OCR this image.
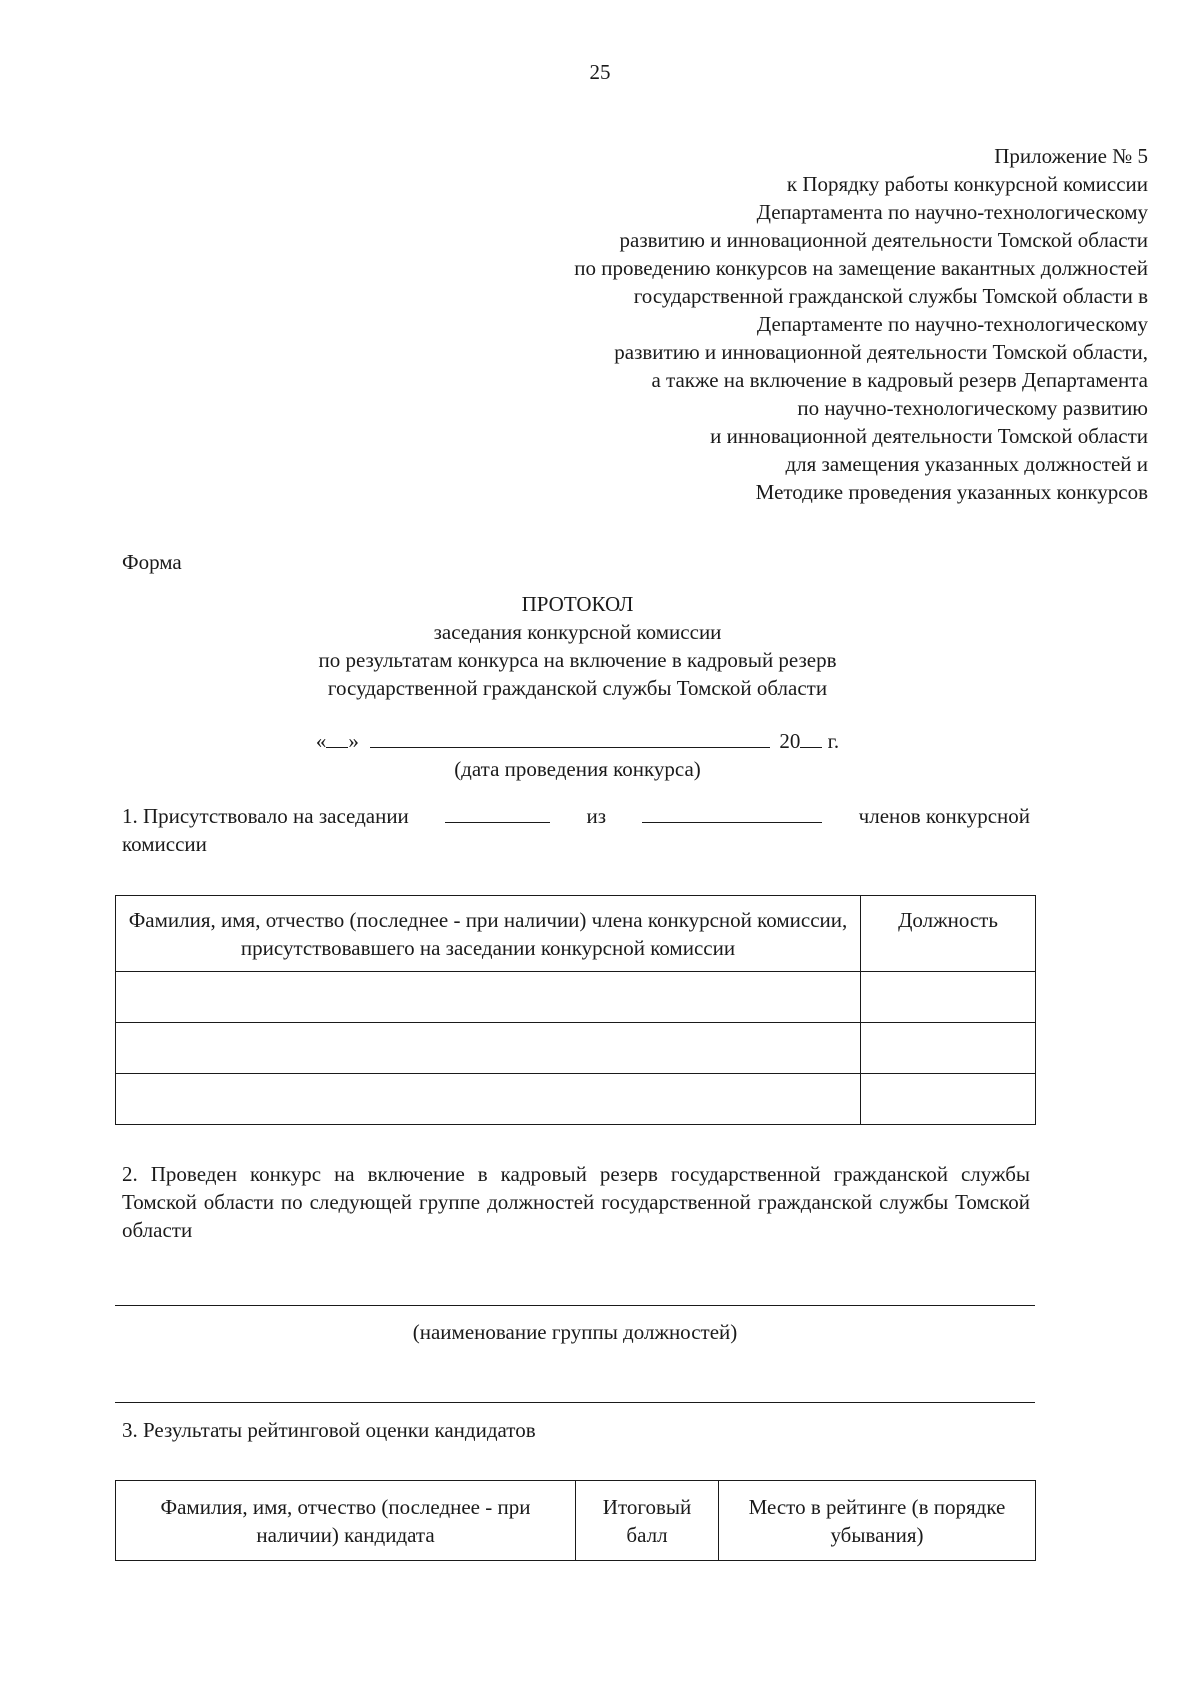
25
Приложение № 5
к Порядку работы конкурсной комиссии
Департамента по научно-технологическому
развитию и инновационной деятельности Томской области
по проведению конкурсов на замещение вакантных должностей
государственной гражданской службы Томской области в
Департаменте по научно-технологическому
развитию и инновационной деятельности Томской области,
а также на включение в кадровый резерв Департамента
по научно-технологическому развитию
и инновационной деятельности Томской области
для замещения указанных должностей и
Методике проведения указанных конкурсов
Форма
ПРОТОКОЛ
заседания конкурсной комиссии
по результатам конкурса на включение в кадровый резерв
государственной гражданской службы Томской области
« »	20 г.
(дата проведения конкурса)
1. Присутствовало на заседании	из	членов конкурсной
комиссии
Фамилия, имя, отчество (последнее - при наличии) члена конкурсной комиссии, присутствовавшего на заседании конкурсной комиссии	Должность

2. Проведен конкурс на включение в кадровый резерв государственной гражданской службы Томской области по следующей группе должностей государственной гражданской службы Томской области
(наименование группы должностей)
3. Результаты рейтинговой оценки кандидатов
Фамилия, имя, отчество (последнее - при наличии) кандидата	Итоговый балл	Место в рейтинге (в порядке убывания)
